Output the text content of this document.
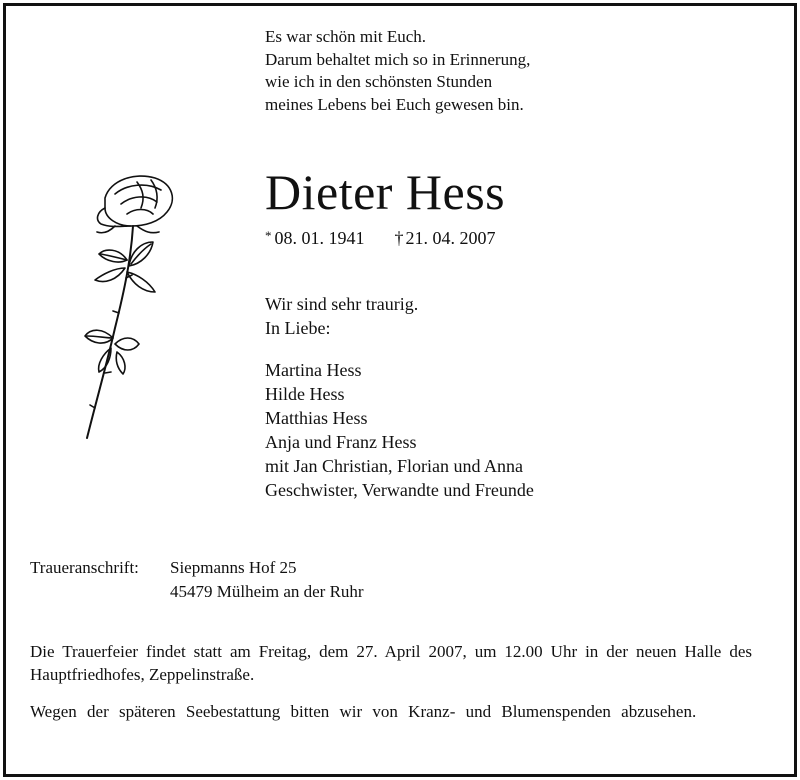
Es war schön mit Euch.
Darum behaltet mich so in Erinnerung,
wie ich in den schönsten Stunden
meines Lebens bei Euch gewesen bin.
Dieter Hess
* 08. 01. 1941 † 21. 04. 2007
Wir sind sehr traurig.
In Liebe:
Martina Hess
Hilde Hess
Matthias Hess
Anja und Franz Hess
mit Jan Christian, Florian und Anna
Geschwister, Verwandte und Freunde
Traueranschrift: Siepmanns Hof 25
45479 Mülheim an der Ruhr
Die Trauerfeier findet statt am Freitag, dem 27. April 2007, um 12.00 Uhr in der neuen Halle des Hauptfriedhofes, Zeppelinstraße.
Wegen der späteren Seebestattung bitten wir von Kranz- und Blumenspenden abzusehen.
